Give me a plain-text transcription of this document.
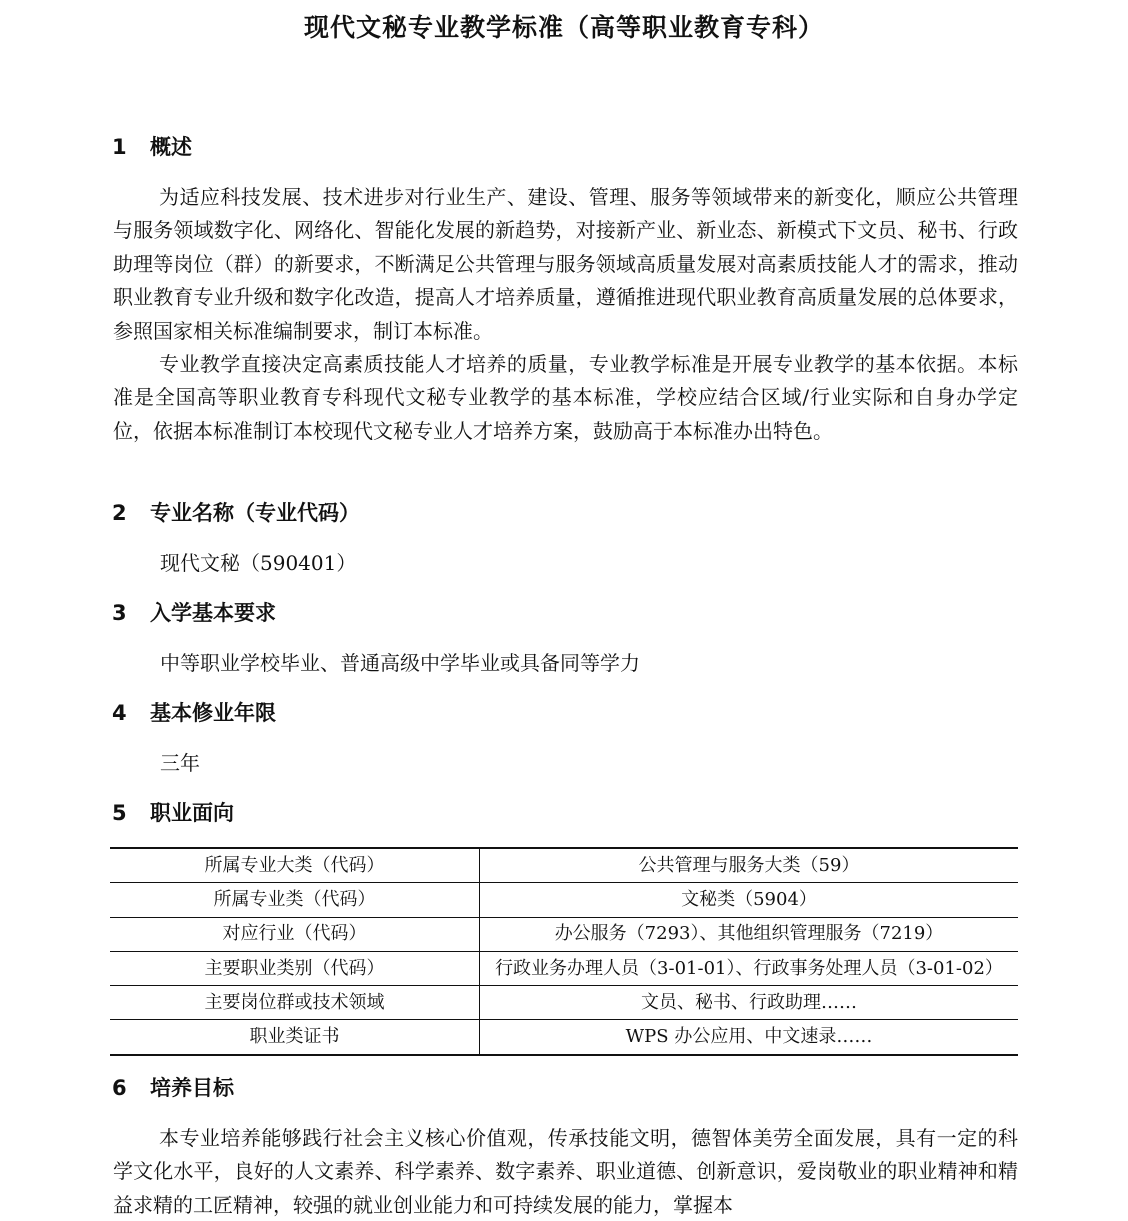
现代文秘专业教学标准（高等职业教育专科）
1 概述

为适应科技发展、技术进步对行业生产、建设、管理、服务等领域带来的新变化，顺应公共管理与服务领域数字化、网络化、智能化发展的新趋势，对接新产业、新业态、新模式下文员、秘书、行政助理等岗位（群）的新要求，不断满足公共管理与服务领域高质量发展对高素质技能人才的需求，推动职业教育专业升级和数字化改造，提高人才培养质量，遵循推进现代职业教育高质量发展的总体要求，参照国家相关标准编制要求，制订本标准。

专业教学直接决定高素质技能人才培养的质量，专业教学标准是开展专业教学的基本依据。本标准是全国高等职业教育专科现代文秘专业教学的基本标准，学校应结合区域/行业实际和自身办学定位，依据本标准制订本校现代文秘专业人才培养方案，鼓励高于本标准办出特色。

2 专业名称（专业代码）
现代文秘（590401）
3 入学基本要求
中等职业学校毕业、普通高级中学毕业或具备同等学力
4 基本修业年限
三年
5 职业面向
所属专业大类（代码）	公共管理与服务大类（59）
所属专业类（代码）	文秘类（5904）
对应行业（代码）	办公服务（7293）、其他组织管理服务（7219）
主要职业类别（代码）	行政业务办理人员（3-01-01）、行政事务处理人员（3-01-02）
主要岗位群或技术领域	文员、秘书、行政助理……
职业类证书	WPS 办公应用、中文速录……
6 培养目标

本专业培养能够践行社会主义核心价值观，传承技能文明，德智体美劳全面发展，具有一定的科学文化水平，良好的人文素养、科学素养、数字素养、职业道德、创新意识，爱岗敬业的职业精神和精益求精的工匠精神，较强的就业创业能力和可持续发展的能力，掌握本
